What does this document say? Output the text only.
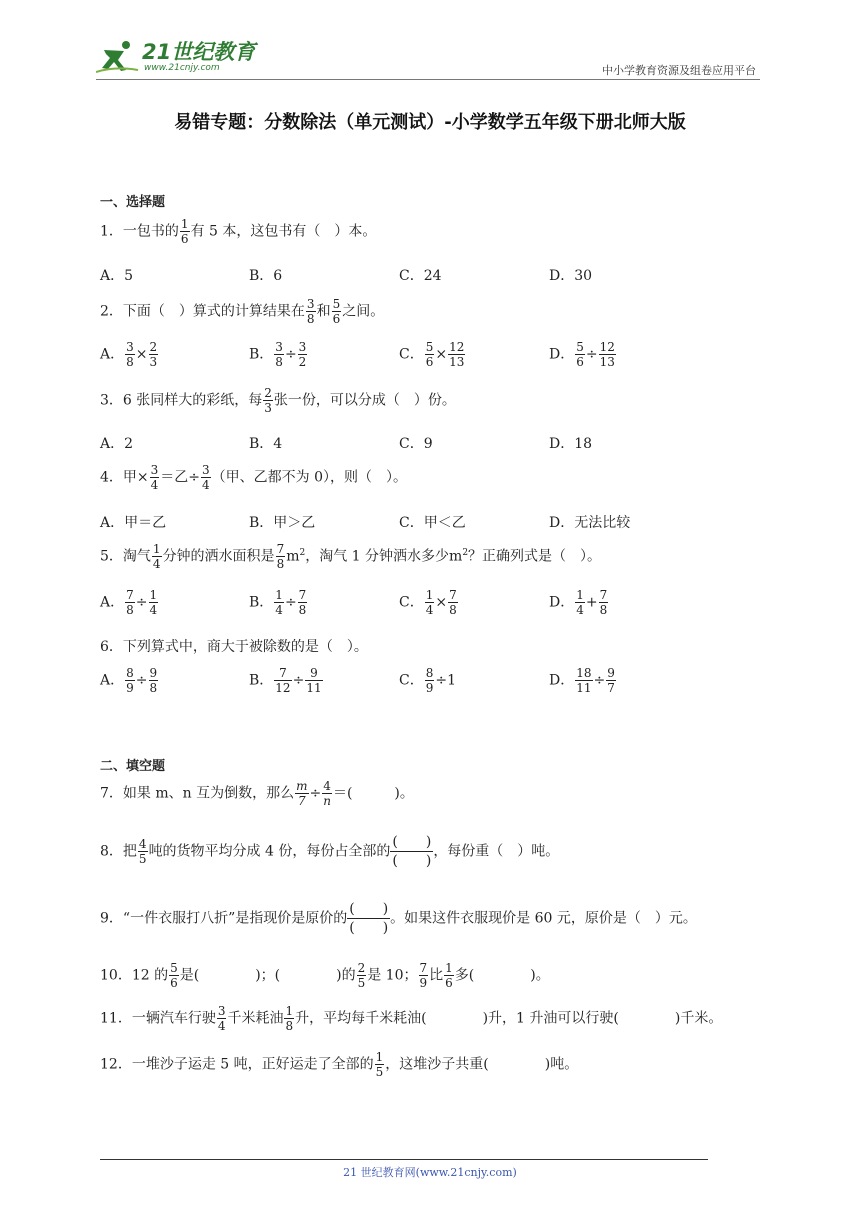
21世纪教育
www.21cnjy.com	中小学教育资源及组卷应用平台
易错专题：分数除法（单元测试）-小学数学五年级下册北师大版
一、选择题
1．一包书的 $\frac{1}{6}$ 有 5 本，这包书有（　）本。
A．5	B．6	C．24	D．30
2．下面（　）算式的计算结果在 $\frac{3}{8}$ 和 $\frac{5}{6}$ 之间。
A． $\frac{3}{8} \times \frac{2}{3}$	B． $\frac{3}{8} \div \frac{3}{2}$	C． $\frac{5}{6} \times \frac{12}{13}$	D． $\frac{5}{6} \div \frac{12}{13}$
3．6 张同样大的彩纸，每 $\frac{2}{3}$ 张一份，可以分成（　）份。
A．2	B．4	C．9	D．18
4．甲× $\frac{3}{4}$ ＝乙÷ $\frac{3}{4}$ （甲、乙都不为 0），则（　）。
A．甲＝乙	B．甲＞乙	C．甲＜乙	D．无法比较
5．淘气 $\frac{1}{4}$ 分钟的洒水面积是 $\frac{7}{8} m^2$，淘气 1 分钟洒水多少$m^2$？正确列式是（　）。
A． $\frac{7}{8} \div \frac{1}{4}$	B． $\frac{1}{4} \div \frac{7}{8}$	C． $\frac{1}{4} \times \frac{7}{8}$	D． $\frac{1}{4} + \frac{7}{8}$
6．下列算式中，商大于被除数的是（　）。
A． $\frac{8}{9} \div \frac{9}{8}$	B． $\frac{7}{12} \div \frac{9}{11}$	C． $\frac{8}{9} \div 1$	D． $\frac{18}{11} \div \frac{9}{7}$
二、填空题
7．如果 m、n 互为倒数，那么 $\frac{m}{7} \div \frac{4}{n}$ ＝(　　　)。
8．把 $\frac{4}{5}$ 吨的货物平均分成 4 份，每份占全部的 $\frac{( )}{( )}$ ，每份重（　）吨。
9．“一件衣服打八折”是指现价是原价的 $\frac{( )}{( )}$ 。如果这件衣服现价是 60 元，原价是（　）元。
10．12 的 $\frac{5}{6}$ 是(　　　　)；(　　　　)的 $\frac{2}{5}$ 是 10； $\frac{7}{9}$ 比 $\frac{1}{6}$ 多(　　　　)。
11．一辆汽车行驶 $\frac{3}{4}$ 千米耗油 $\frac{1}{8}$ 升，平均每千米耗油(　　　　)升，1 升油可以行驶(　　　　)千米。
12．一堆沙子运走 5 吨，正好运走了全部的 $\frac{1}{5}$ ，这堆沙子共重(　　　　)吨。
21 世纪教育网(www.21cnjy.com)
